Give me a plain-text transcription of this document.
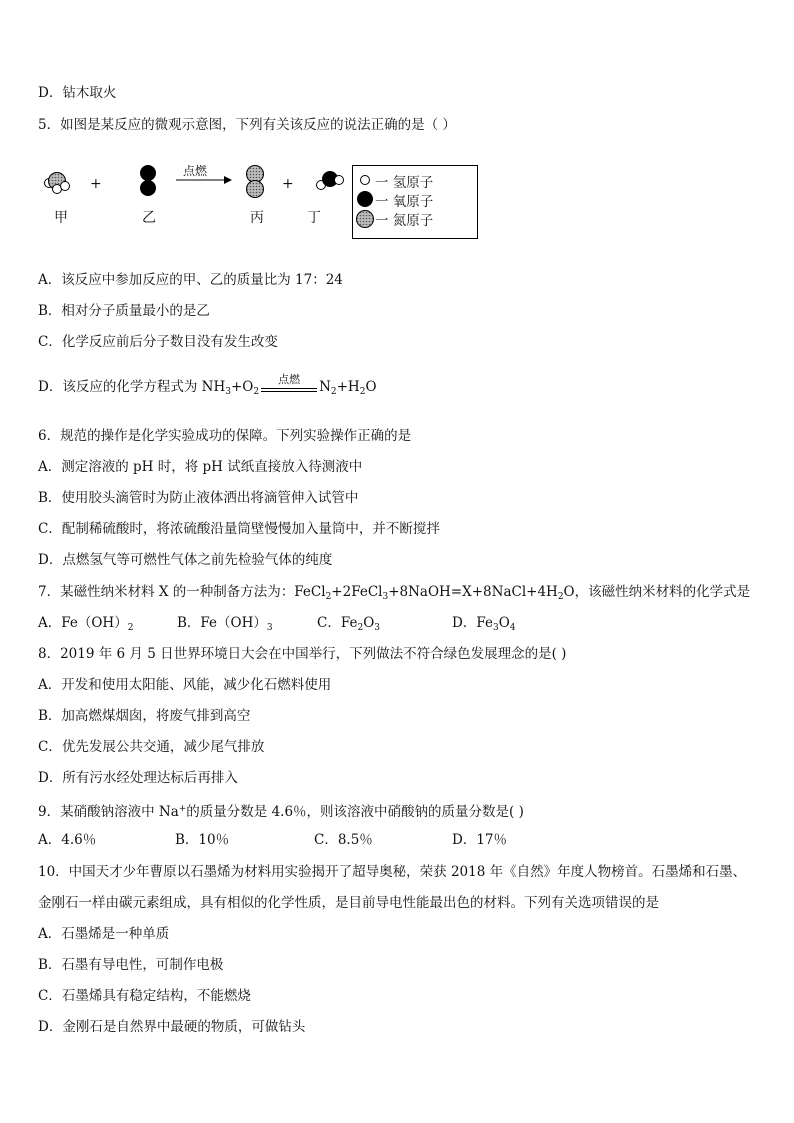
D．钻木取火
5．如图是某反应的微观示意图，下列有关该反应的说法正确的是（ ）
+	+
点燃
甲	乙	丙	丁
一 氢原子
一 氧原子
一 氮原子
A．该反应中参加反应的甲、乙的质量比为 17：24
B．相对分子质量最小的是乙
C．化学反应前后分子数目没有发生改变
D．该反应的化学方程式为 $NH_3+O_2$
点燃	$N_2+H_2O$
6．规范的操作是化学实验成功的保障。下列实验操作正确的是
A．测定溶液的 pH 时，将 pH 试纸直接放入待测液中
B．使用胶头滴管时为防止液体洒出将滴管伸入试管中
C．配制稀硫酸时，将浓硫酸沿量筒壁慢慢加入量筒中，并不断搅拌
D．点燃氢气等可燃性气体之前先检验气体的纯度
7．某磁性纳米材料 X 的一种制备方法为：$FeCl_2+2FeCl_3+8NaOH=X+8NaCl+4H_2O$，该磁性纳米材料的化学式是
A．$Fe(OH)_2$	B．$Fe(OH)_3$	C．$Fe_2O_3$	D．$Fe_3O_4$
8．2019 年 6 月 5 日世界环境日大会在中国举行，下列做法不符合绿色发展理念的是( )
A．开发和使用太阳能、风能，减少化石燃料使用
B．加高燃煤烟囱，将废气排到高空
C．优先发展公共交通，减少尾气排放
D．所有污水经处理达标后再排入
9．某硝酸钠溶液中 Na+的质量分数是 4.6％，则该溶液中硝酸钠的质量分数是( )
A．4.6％	B．10％	C．8.5％	D．17％
10．中国天才少年曹原以石墨烯为材料用实验揭开了超导奥秘，荣获 2018 年《自然》年度人物榜首。石墨烯和石墨、
金刚石一样由碳元素组成，具有相似的化学性质，是目前导电性能最出色的材料。下列有关选项错误的是
A．石墨烯是一种单质
B．石墨有导电性，可制作电极
C．石墨烯具有稳定结构，不能燃烧
D．金刚石是自然界中最硬的物质，可做钻头
